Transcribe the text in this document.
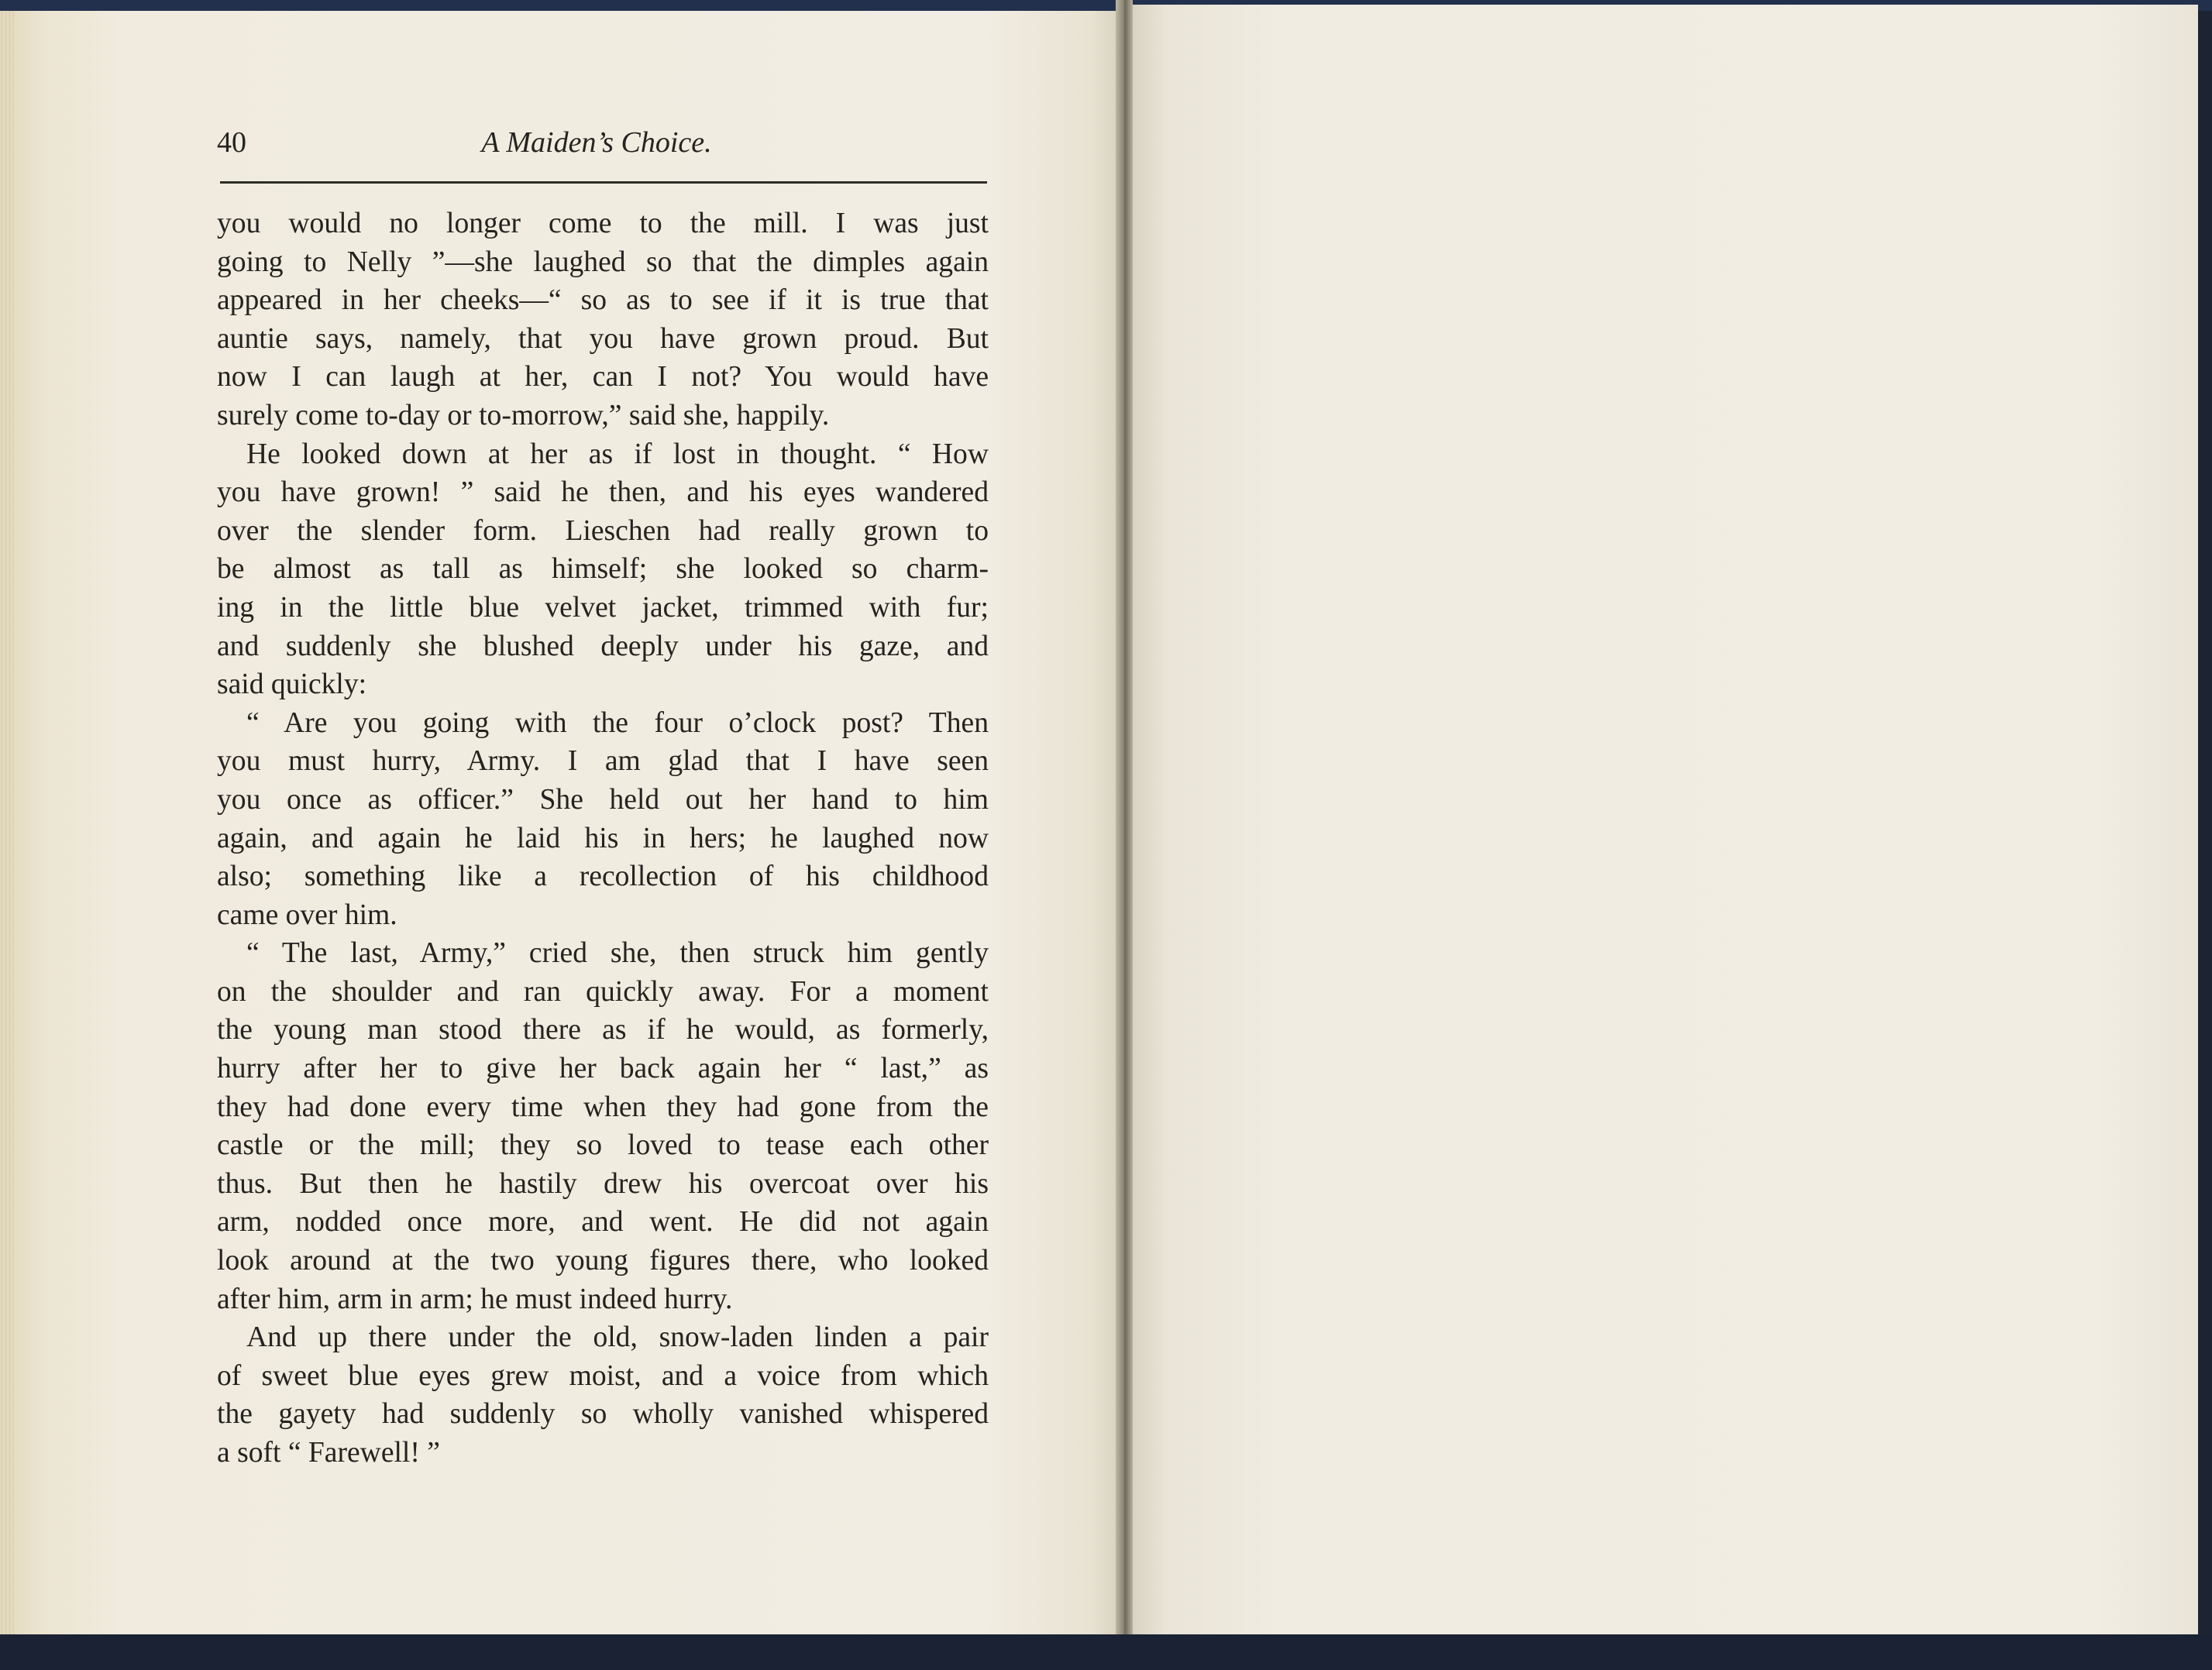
40	A Maiden’s Choice.
you would no longer come to the mill. I was just
going to Nelly ”—she laughed so that the dimples again
appeared in her cheeks—“ so as to see if it is true that
auntie says, namely, that you have grown proud. But
now I can laugh at her, can I not? You would have
surely come to-day or to-morrow,” said she, happily.
He looked down at her as if lost in thought. “ How
you have grown! ” said he then, and his eyes wandered
over the slender form. Lieschen had really grown to
be almost as tall as himself; she looked so charm-
ing in the little blue velvet jacket, trimmed with fur;
and suddenly she blushed deeply under his gaze, and
said quickly:
“ Are you going with the four o’clock post? Then
you must hurry, Army. I am glad that I have seen
you once as officer.” She held out her hand to him
again, and again he laid his in hers; he laughed now
also; something like a recollection of his childhood
came over him.
“ The last, Army,” cried she, then struck him gently
on the shoulder and ran quickly away. For a moment
the young man stood there as if he would, as formerly,
hurry after her to give her back again her “ last,” as
they had done every time when they had gone from the
castle or the mill; they so loved to tease each other
thus. But then he hastily drew his overcoat over his
arm, nodded once more, and went. He did not again
look around at the two young figures there, who looked
after him, arm in arm; he must indeed hurry.
And up there under the old, snow-laden linden a pair
of sweet blue eyes grew moist, and a voice from which
the gayety had suddenly so wholly vanished whispered
a soft “ Farewell! ”
